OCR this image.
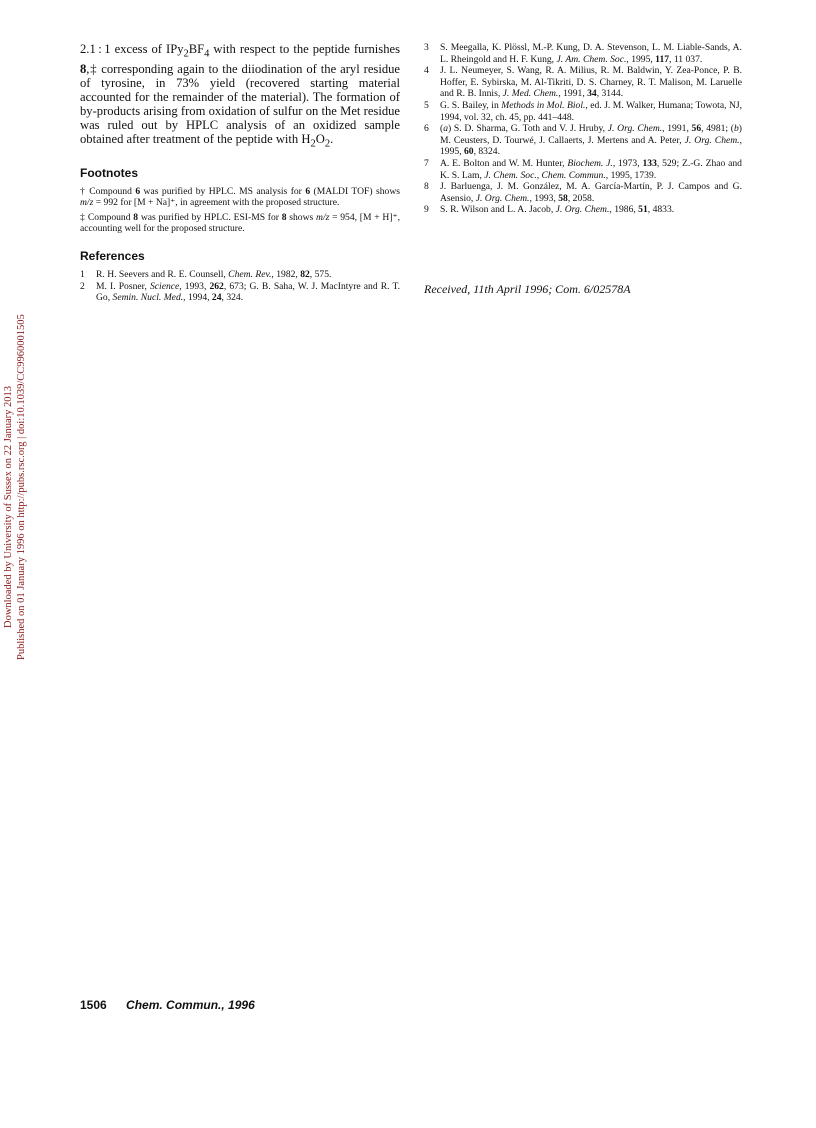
Downloaded by University of Sussex on 22 January 2013 Published on 01 January 1996 on http://pubs.rsc.org | doi:10.1039/CC9960001505

2.1 : 1 excess of $IPy_2BF_4$ with respect to the peptide furnishes 8,‡ corresponding again to the diiodination of the aryl residue of tyrosine, in 73% yield (recovered starting material accounted for the remainder of the material). The formation of by-products arising from oxidation of sulfur on the Met residue was ruled out by HPLC analysis of an oxidized sample obtained after treatment of the peptide with $H_2O_2$.

Footnotes

† Compound 6 was purified by HPLC. MS analysis for 6 (MALDI TOF) shows m/z = 992 for [M + Na]⁺, in agreement with the proposed structure.

‡ Compound 8 was purified by HPLC. ESI-MS for 8 shows m/z = 954, [M + H]⁺, accounting well for the proposed structure.

References
1 R. H. Seevers and R. E. Counsell, Chem. Rev., 1982, 82, 575.
2 M. I. Posner, Science, 1993, 262, 673; G. B. Saha, W. J. MacIntyre and R. T. Go, Semin. Nucl. Med., 1994, 24, 324.
3 S. Meegalla, K. Plössl, M.-P. Kung, D. A. Stevenson, L. M. Liable-Sands, A. L. Rheingold and H. F. Kung, J. Am. Chem. Soc., 1995, 117, 11 037.
4 J. L. Neumeyer, S. Wang, R. A. Milius, R. M. Baldwin, Y. Zea-Ponce, P. B. Hoffer, E. Sybirska, M. Al-Tikriti, D. S. Charney, R. T. Malison, M. Laruelle and R. B. Innis, J. Med. Chem., 1991, 34, 3144.
5 G. S. Bailey, in Methods in Mol. Biol., ed. J. M. Walker, Humana; Towota, NJ, 1994, vol. 32, ch. 45, pp. 441–448.
6 (a) S. D. Sharma, G. Toth and V. J. Hruby, J. Org. Chem., 1991, 56, 4981; (b) M. Ceusters, D. Tourwé, J. Callaerts, J. Mertens and A. Peter, J. Org. Chem., 1995, 60, 8324.
7 A. E. Bolton and W. M. Hunter, Biochem. J., 1973, 133, 529; Z.-G. Zhao and K. S. Lam, J. Chem. Soc., Chem. Commun., 1995, 1739.
8 J. Barluenga, J. M. González, M. A. García-Martín, P. J. Campos and G. Asensio, J. Org. Chem., 1993, 58, 2058.
9 S. R. Wilson and L. A. Jacob, J. Org. Chem., 1986, 51, 4833.
Received, 11th April 1996; Com. 6/02578A
1506 Chem. Commun., 1996
